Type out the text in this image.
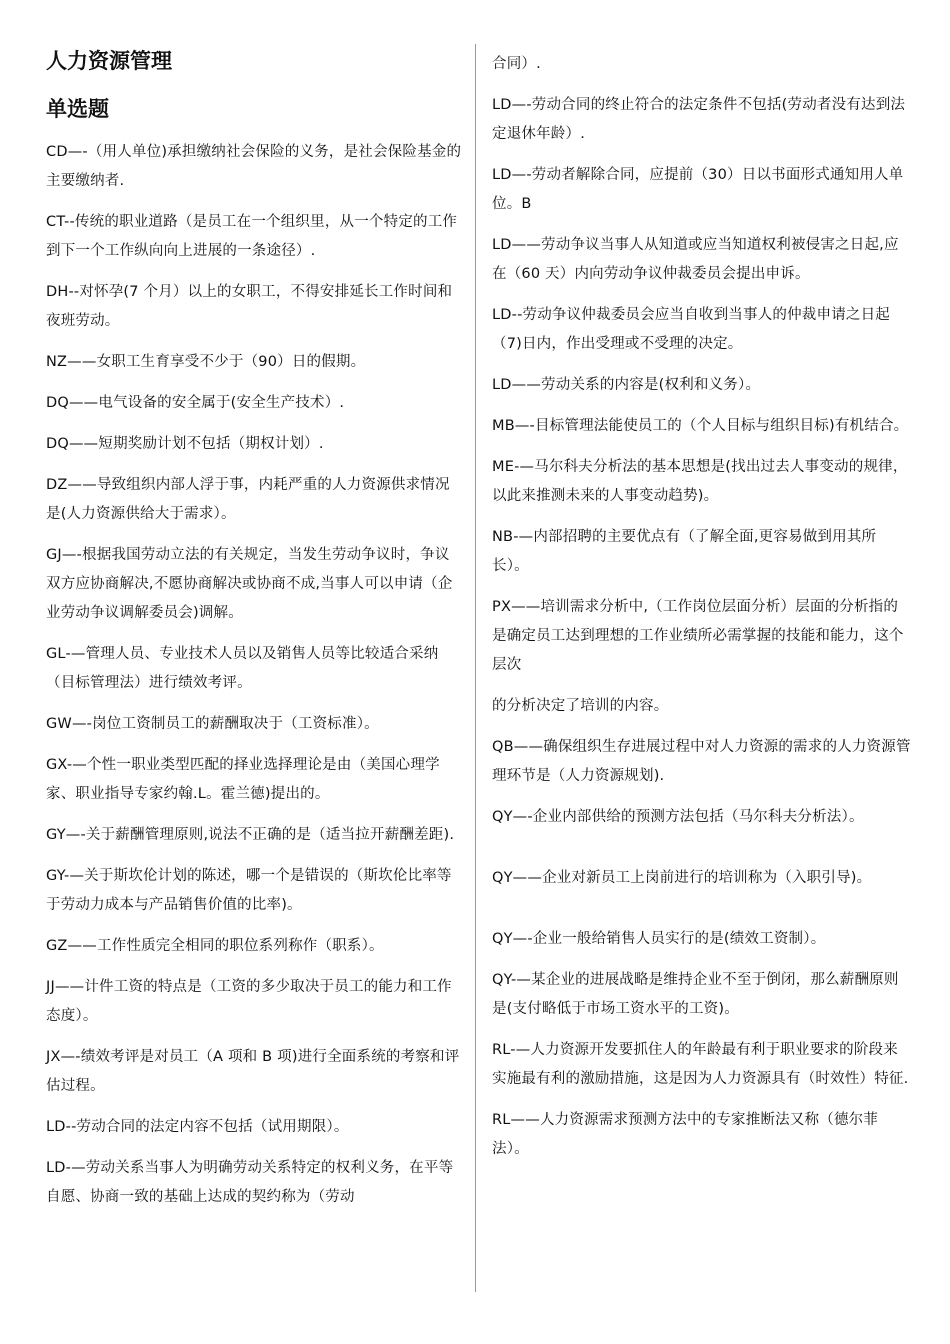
人力资源管理
单选题

CD—-（用人单位)承担缴纳社会保险的义务，是社会保险基金的主要缴纳者.

CT--传统的职业道路（是员工在一个组织里，从一个特定的工作到下一个工作纵向向上进展的一条途径）.

DH--对怀孕(7 个月）以上的女职工，不得安排延长工作时间和夜班劳动。

NZ——女职工生育享受不少于（90）日的假期。

DQ——电气设备的安全属于(安全生产技术）.

DQ——短期奖励计划不包括（期权计划）.

DZ——导致组织内部人浮于事，内耗严重的人力资源供求情况是(人力资源供给大于需求）。

GJ—-根据我国劳动立法的有关规定，当发生劳动争议时，争议双方应协商解决,不愿协商解决或协商不成,当事人可以申请（企业劳动争议调解委员会)调解。

GL-—管理人员、专业技术人员以及销售人员等比较适合采纳（目标管理法）进行绩效考评。

GW—-岗位工资制员工的薪酬取决于（工资标准）。

GX-—个性一职业类型匹配的择业选择理论是由（美国心理学家、职业指导专家约翰.L。霍兰德)提出的。

GY—-关于薪酬管理原则,说法不正确的是（适当拉开薪酬差距).

GY-—关于斯坎伦计划的陈述，哪一个是错误的（斯坎伦比率等于劳动力成本与产品销售价值的比率)。

GZ——工作性质完全相同的职位系列称作（职系）。

JJ——计件工资的特点是（工资的多少取决于员工的能力和工作态度）。

JX—-绩效考评是对员工（A 项和 B 项)进行全面系统的考察和评估过程。

LD--劳动合同的法定内容不包括（试用期限）。

LD-—劳动关系当事人为明确劳动关系特定的权利义务，在平等自愿、协商一致的基础上达成的契约称为（劳动

合同）.

LD—-劳动合同的终止符合的法定条件不包括(劳动者没有达到法定退休年龄）.

LD—-劳动者解除合同，应提前（30）日以书面形式通知用人单位。B

LD——劳动争议当事人从知道或应当知道权利被侵害之日起,应在（60 天）内向劳动争议仲裁委员会提出申诉。

LD--劳动争议仲裁委员会应当自收到当事人的仲裁申请之日起（7)日内，作出受理或不受理的决定。

LD——劳动关系的内容是(权利和义务）。

MB—-目标管理法能使员工的（个人目标与组织目标)有机结合。

ME-—马尔科夫分析法的基本思想是(找出过去人事变动的规律，以此来推测未来的人事变动趋势)。

NB-—内部招聘的主要优点有（了解全面,更容易做到用其所长）。

PX——培训需求分析中,（工作岗位层面分析）层面的分析指的是确定员工达到理想的工作业绩所必需掌握的技能和能力，这个层次

的分析决定了培训的内容。

QB——确保组织生存进展过程中对人力资源的需求的人力资源管理环节是（人力资源规划).

QY—-企业内部供给的预测方法包括（马尔科夫分析法）。

QY——企业对新员工上岗前进行的培训称为（入职引导)。

QY—-企业一般给销售人员实行的是(绩效工资制）。

QY-—某企业的进展战略是维持企业不至于倒闭，那么薪酬原则是(支付略低于市场工资水平的工资)。

RL-—人力资源开发要抓住人的年龄最有利于职业要求的阶段来实施最有利的激励措施，这是因为人力资源具有（时效性）特征.

RL——人力资源需求预测方法中的专家推断法又称（德尔菲法）。
